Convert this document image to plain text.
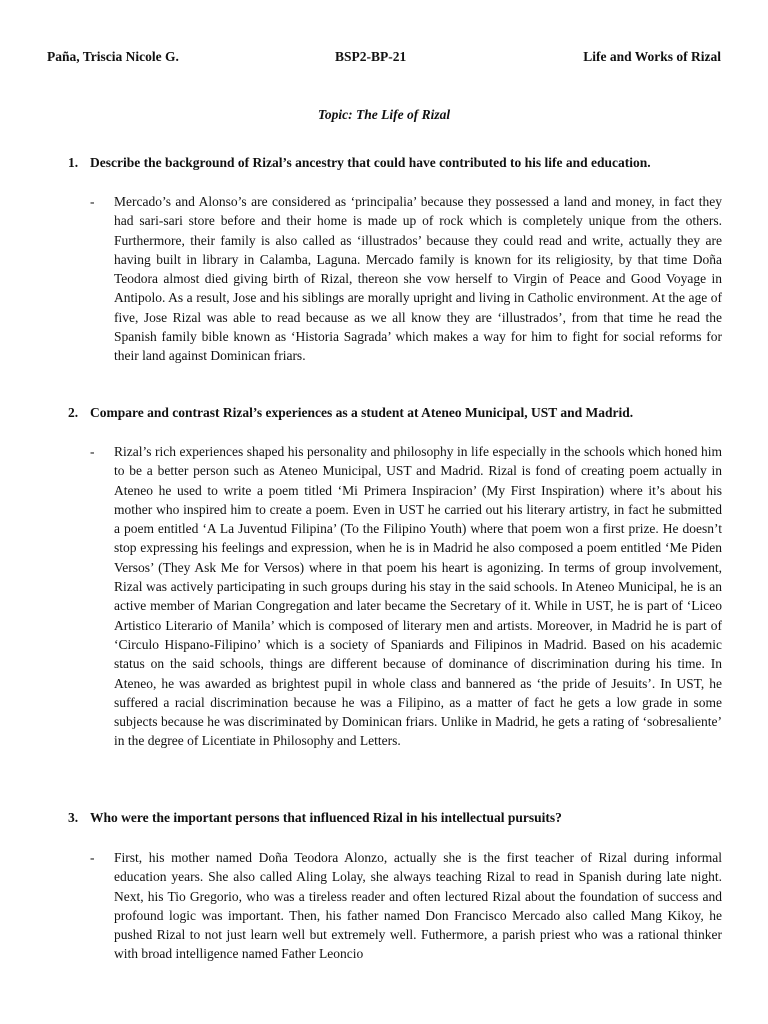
Paña, Triscia Nicole G.	BSP2-BP-21	Life and Works of Rizal
Topic: The Life of Rizal
1. Describe the background of Rizal’s ancestry that could have contributed to his life and education.
- Mercado’s and Alonso’s are considered as ‘principalia’ because they possessed a land and money, in fact they had sari-sari store before and their home is made up of rock which is completely unique from the others. Furthermore, their family is also called as ‘illustrados’ because they could read and write, actually they are having built in library in Calamba, Laguna. Mercado family is known for its religiosity, by that time Doña Teodora almost died giving birth of Rizal, thereon she vow herself to Virgin of Peace and Good Voyage in Antipolo. As a result, Jose and his siblings are morally upright and living in Catholic environment. At the age of five, Jose Rizal was able to read because as we all know they are ‘illustrados’, from that time he read the Spanish family bible known as ‘Historia Sagrada’ which makes a way for him to fight for social reforms for their land against Dominican friars.
2. Compare and contrast Rizal’s experiences as a student at Ateneo Municipal, UST and Madrid.
- Rizal’s rich experiences shaped his personality and philosophy in life especially in the schools which honed him to be a better person such as Ateneo Municipal, UST and Madrid. Rizal is fond of creating poem actually in Ateneo he used to write a poem titled ‘Mi Primera Inspiracion’ (My First Inspiration) where it’s about his mother who inspired him to create a poem. Even in UST he carried out his literary artistry, in fact he submitted a poem entitled ‘A La Juventud Filipina’ (To the Filipino Youth) where that poem won a first prize. He doesn’t stop expressing his feelings and expression, when he is in Madrid he also composed a poem entitled ‘Me Piden Versos’ (They Ask Me for Versos) where in that poem his heart is agonizing. In terms of group involvement, Rizal was actively participating in such groups during his stay in the said schools. In Ateneo Municipal, he is an active member of Marian Congregation and later became the Secretary of it. While in UST, he is part of ‘Liceo Artistico Literario of Manila’ which is composed of literary men and artists. Moreover, in Madrid he is part of ‘Circulo Hispano-Filipino’ which is a society of Spaniards and Filipinos in Madrid. Based on his academic status on the said schools, things are different because of dominance of discrimination during his time. In Ateneo, he was awarded as brightest pupil in whole class and bannered as ‘the pride of Jesuits’. In UST, he suffered a racial discrimination because he was a Filipino, as a matter of fact he gets a low grade in some subjects because he was discriminated by Dominican friars. Unlike in Madrid, he gets a rating of ‘sobresaliente’ in the degree of Licentiate in Philosophy and Letters.
3. Who were the important persons that influenced Rizal in his intellectual pursuits?
- First, his mother named Doña Teodora Alonzo, actually she is the first teacher of Rizal during informal education years. She also called Aling Lolay, she always teaching Rizal to read in Spanish during late night. Next, his Tio Gregorio, who was a tireless reader and often lectured Rizal about the foundation of success and profound logic was important. Then, his father named Don Francisco Mercado also called Mang Kikoy, he pushed Rizal to not just learn well but extremely well. Futhermore, a parish priest who was a rational thinker with broad intelligence named Father Leoncio
